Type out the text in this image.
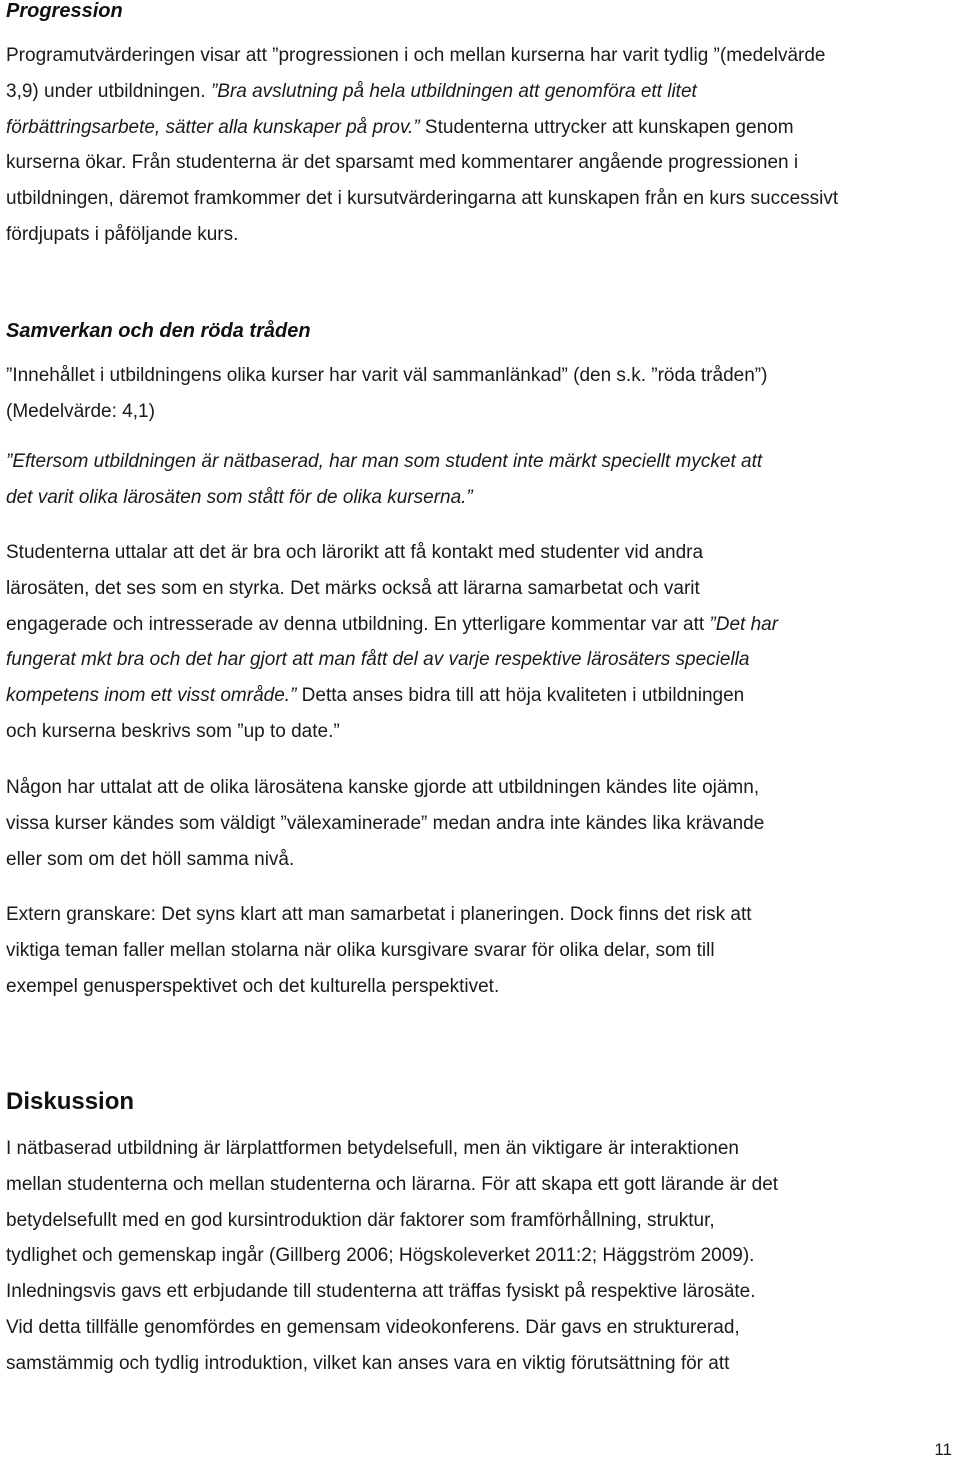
Progression
Programutvärderingen visar att ”progressionen i och mellan kurserna har varit tydlig ”(medelvärde
3,9) under utbildningen. ”Bra avslutning på hela utbildningen att genomföra ett litet
förbättringsarbete, sätter alla kunskaper på prov.” Studenterna uttrycker att kunskapen genom
kurserna ökar. Från studenterna är det sparsamt med kommentarer angående progressionen i
utbildningen, däremot framkommer det i kursutvärderingarna att kunskapen från en kurs successivt
fördjupats i påföljande kurs.
Samverkan och den röda tråden
”Innehållet i utbildningens olika kurser har varit väl sammanlänkad” (den s.k. ”röda tråden”)
(Medelvärde: 4,1)
”Eftersom utbildningen är nätbaserad, har man som student inte märkt speciellt mycket att
det varit olika lärosäten som stått för de olika kurserna.”
Studenterna uttalar att det är bra och lärorikt att få kontakt med studenter vid andra
lärosäten, det ses som en styrka. Det märks också att lärarna samarbetat och varit
engagerade och intresserade av denna utbildning. En ytterligare kommentar var att ”Det har
fungerat mkt bra och det har gjort att man fått del av varje respektive lärosäters speciella
kompetens inom ett visst område.” Detta anses bidra till att höja kvaliteten i utbildningen
och kurserna beskrivs som ”up to date.”
Någon har uttalat att de olika lärosätena kanske gjorde att utbildningen kändes lite ojämn,
vissa kurser kändes som väldigt ”välexaminerade” medan andra inte kändes lika krävande
eller som om det höll samma nivå.
Extern granskare: Det syns klart att man samarbetat i planeringen. Dock finns det risk att
viktiga teman faller mellan stolarna när olika kursgivare svarar för olika delar, som till
exempel genusperspektivet och det kulturella perspektivet.
Diskussion
I nätbaserad utbildning är lärplattformen betydelsefull, men än viktigare är interaktionen
mellan studenterna och mellan studenterna och lärarna. För att skapa ett gott lärande är det
betydelsefullt med en god kursintroduktion där faktorer som framförhållning, struktur,
tydlighet och gemenskap ingår (Gillberg 2006; Högskoleverket 2011:2; Häggström 2009).
Inledningsvis gavs ett erbjudande till studenterna att träffas fysiskt på respektive lärosäte.
Vid detta tillfälle genomfördes en gemensam videokonferens. Där gavs en strukturerad,
samstämmig och tydlig introduktion, vilket kan anses vara en viktig förutsättning för att
11
